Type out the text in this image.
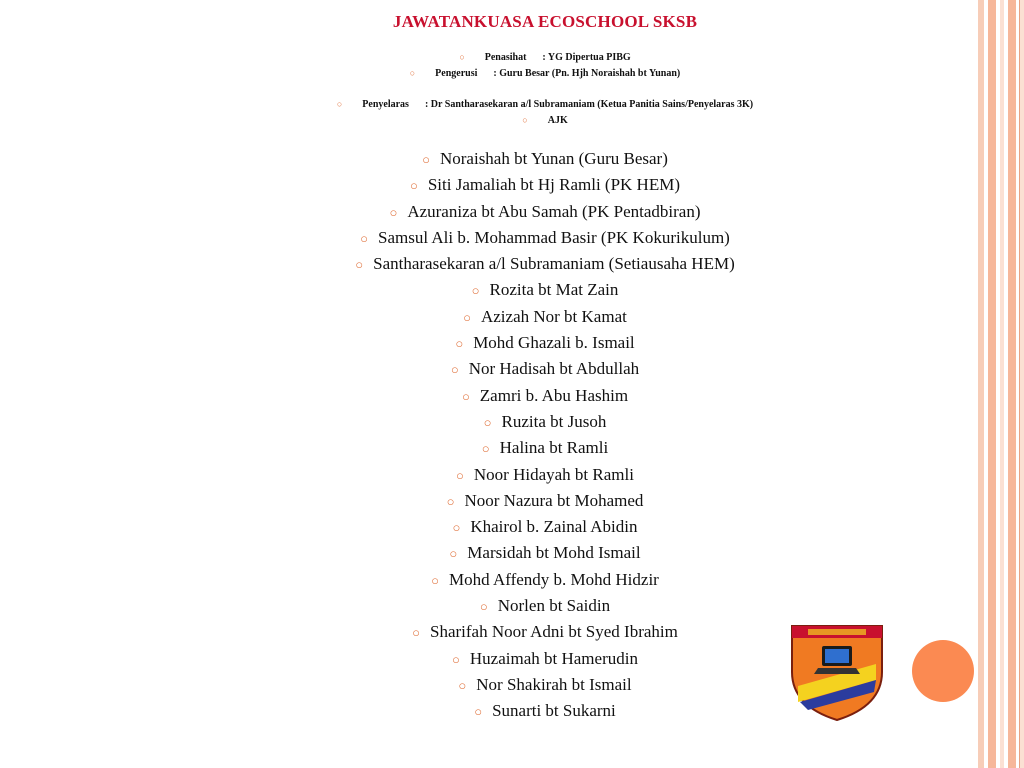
JAWATANKUASA ECOSCHOOL SKSB
○ Penasihat : YG Dipertua PIBG
○ Pengerusi : Guru Besar (Pn. Hjh Noraishah bt Yunan)
○ Penyelaras : Dr Santharasekaran a/l Subramaniam (Ketua Panitia Sains/Penyelaras 3K)
○ AJK
○ Noraishah bt Yunan (Guru Besar)
○ Siti Jamaliah bt Hj Ramli (PK HEM)
○ Azuraniza bt Abu Samah (PK Pentadbiran)
○ Samsul Ali b. Mohammad Basir (PK Kokurikulum)
○ Santharasekaran a/l Subramaniam (Setiausaha HEM)
○ Rozita bt Mat Zain
○ Azizah Nor bt Kamat
○ Mohd Ghazali b. Ismail
○ Nor Hadisah bt Abdullah
○ Zamri b. Abu Hashim
○ Ruzita bt Jusoh
○ Halina bt Ramli
○ Noor Hidayah bt Ramli
○ Noor Nazura bt Mohamed
○ Khairol b. Zainal Abidin
○ Marsidah bt Mohd Ismail
○ Mohd Affendy b. Mohd Hidzir
○ Norlen bt Saidin
○ Sharifah Noor Adni bt Syed Ibrahim
○ Huzaimah bt Hamerudin
○ Nor Shakirah bt Ismail
○ Sunarti bt Sukarni
